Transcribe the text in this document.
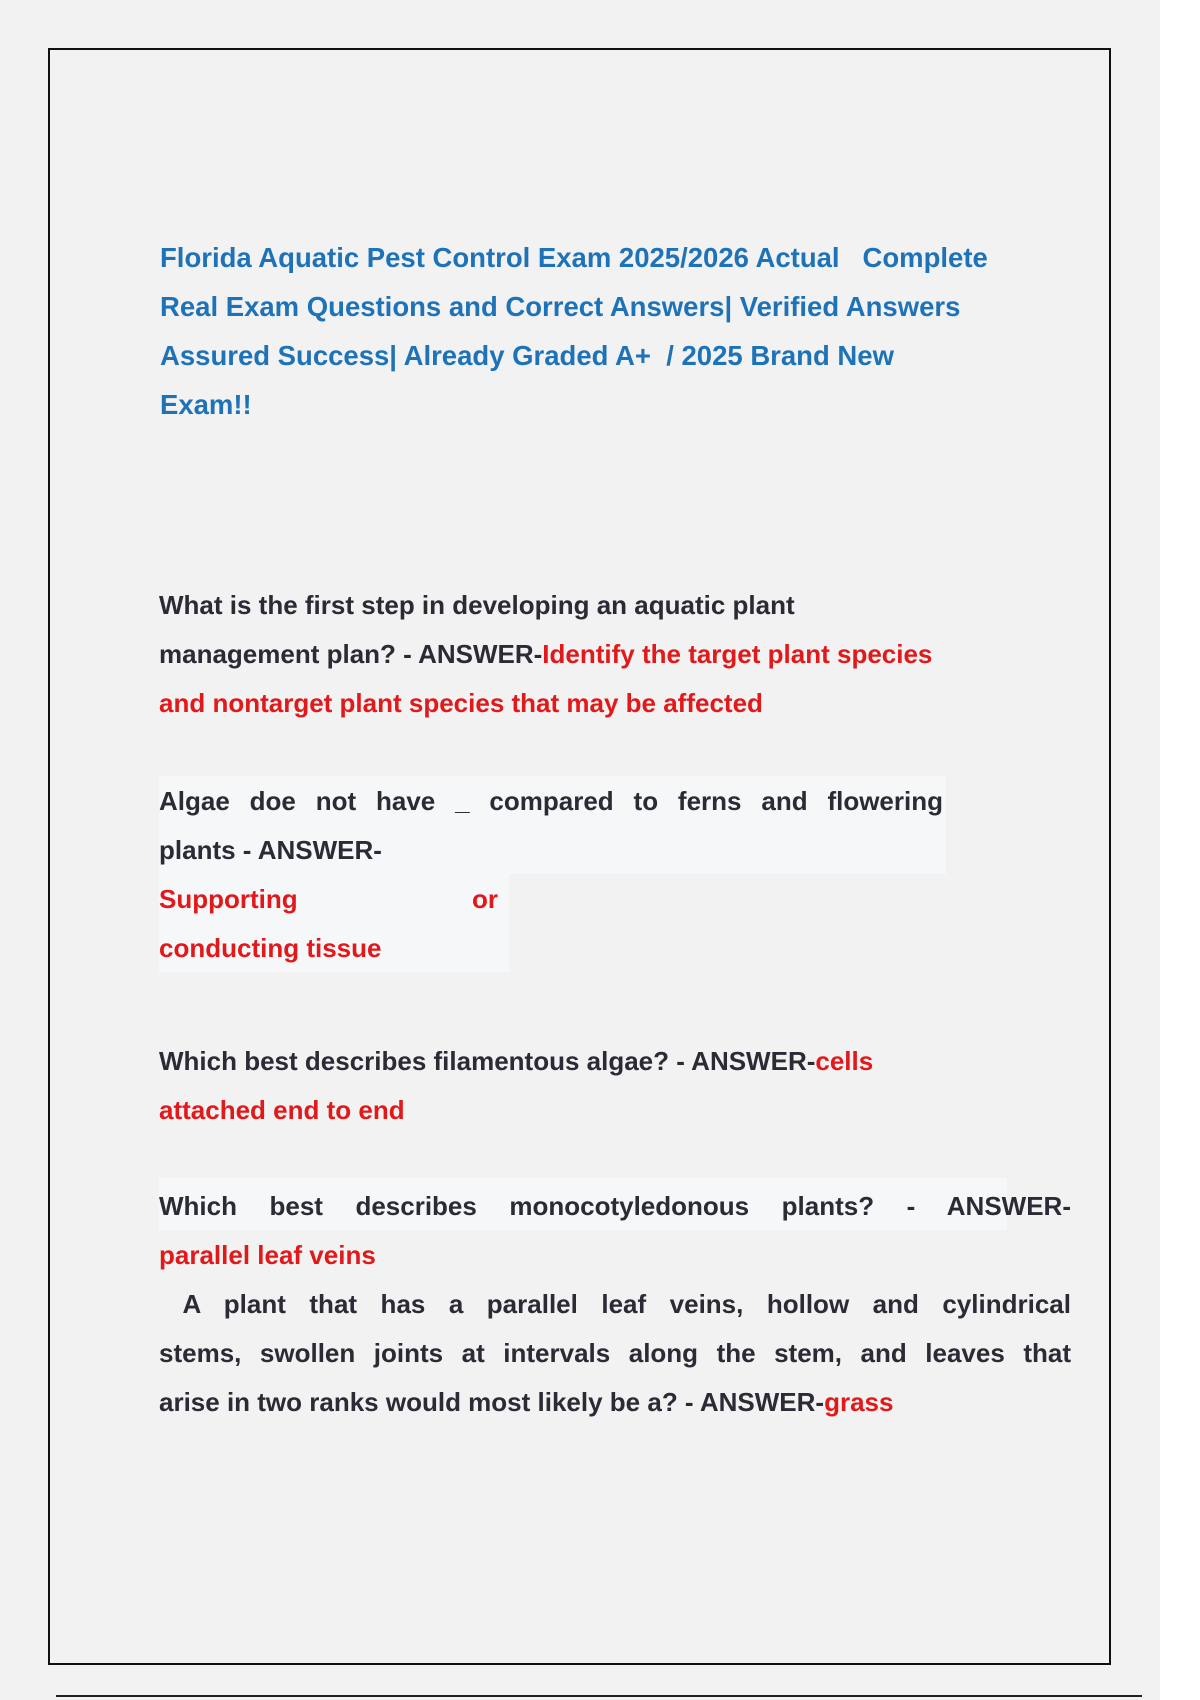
Florida Aquatic Pest Control Exam 2025/2026 Actual   Complete
Real Exam Questions and Correct Answers| Verified Answers
Assured Success| Already Graded A+  / 2025 Brand New
Exam!!
What is the first step in developing an aquatic plant
management plan? - ANSWER-Identify the target plant species
and nontarget plant species that may be affected
Algae doe not have _ compared to ferns and flowering
plants - ANSWER-
Supporting	or
conducting tissue
Which best describes filamentous algae? - ANSWER-cells
attached end to end
Which best describes monocotyledonous plants? - ANSWER-
parallel leaf veins
A plant that has a parallel leaf veins, hollow and cylindrical
stems, swollen joints at intervals along the stem, and leaves that
arise in two ranks would most likely be a? - ANSWER-grass
